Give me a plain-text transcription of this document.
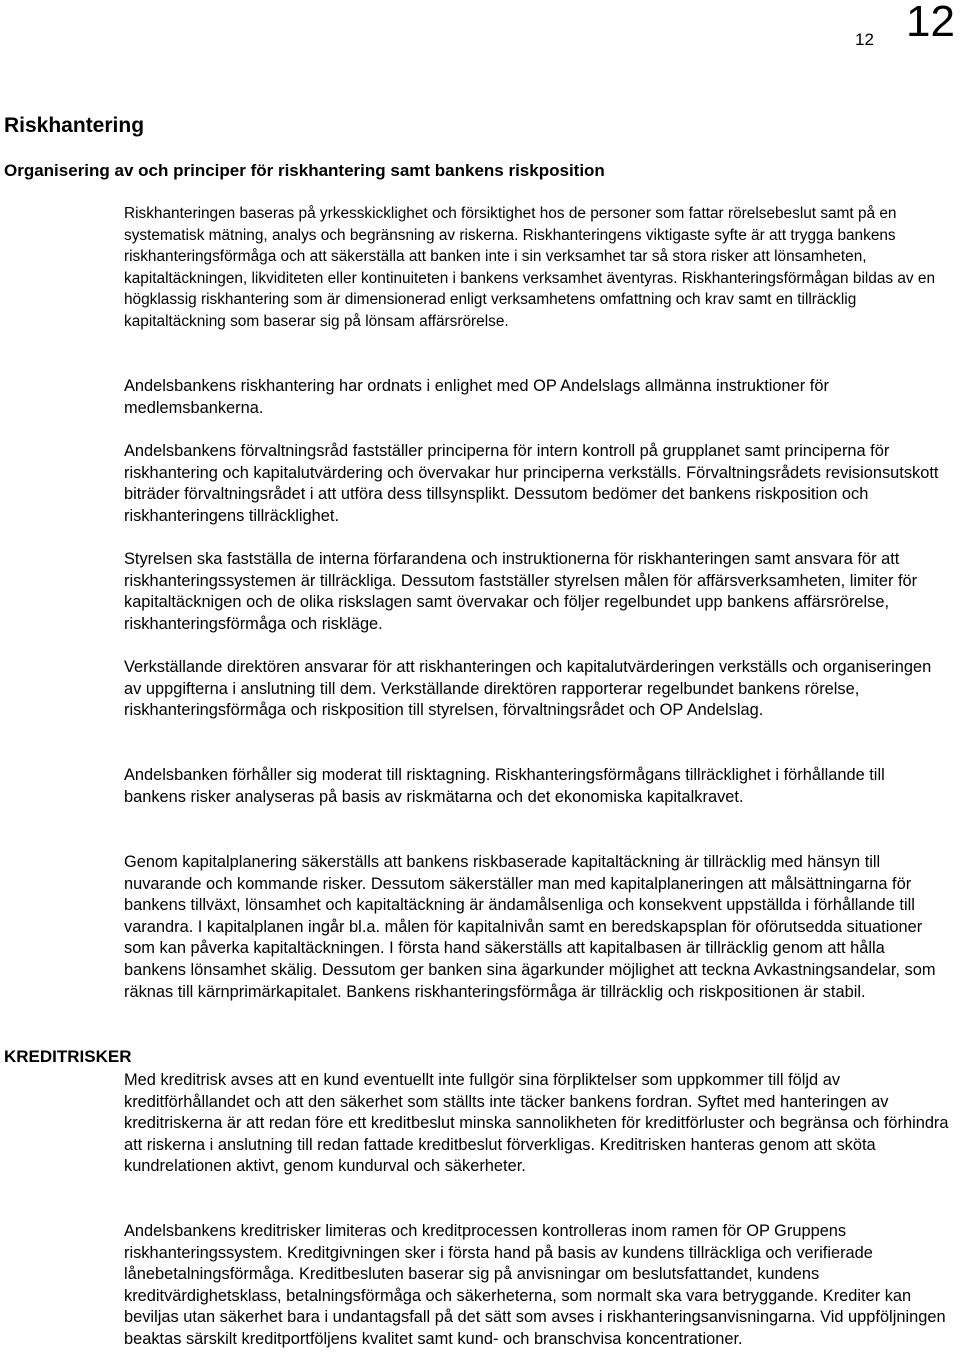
12 12
Riskhantering
Organisering av och principer för riskhantering samt bankens riskposition

Riskhanteringen baseras på yrkesskicklighet och försiktighet hos de personer som fattar rörelsebeslut samt på en systematisk mätning, analys och begränsning av riskerna. Riskhanteringens viktigaste syfte är att trygga bankens riskhanteringsförmåga och att säkerställa att banken inte i sin verksamhet tar så stora risker att lönsamheten, kapitaltäckningen, likviditeten eller kontinuiteten i bankens verksamhet äventyras. Riskhanteringsförmågan bildas av en högklassig riskhantering som är dimensionerad enligt verksamhetens omfattning och krav samt en tillräcklig kapitaltäckning som baserar sig på lönsam affärsrörelse.

Andelsbankens riskhantering har ordnats i enlighet med OP Andelslags allmänna instruktioner för medlemsbankerna.

Andelsbankens förvaltningsråd fastställer principerna för intern kontroll på grupplanet samt principerna för riskhantering och kapitalutvärdering och övervakar hur principerna verkställs. Förvaltningsrådets revisionsutskott biträder förvaltningsrådet i att utföra dess tillsynsplikt. Dessutom bedömer det bankens riskposition och riskhanteringens tillräcklighet.

Styrelsen ska fastställa de interna förfarandena och instruktionerna för riskhanteringen samt ansvara för att riskhanteringssystemen är tillräckliga. Dessutom fastställer styrelsen målen för affärsverksamheten, limiter för kapitaltäcknigen och de olika riskslagen samt övervakar och följer regelbundet upp bankens affärsrörelse, riskhanteringsförmåga och riskläge.

Verkställande direktören ansvarar för att riskhanteringen och kapitalutvärderingen verkställs och organiseringen av uppgifterna i anslutning till dem. Verkställande direktören rapporterar regelbundet bankens rörelse, riskhanteringsförmåga och riskposition till styrelsen, förvaltningsrådet och OP Andelslag.

Andelsbanken förhåller sig moderat till risktagning. Riskhanteringsförmågans tillräcklighet i förhållande till bankens risker analyseras på basis av riskmätarna och det ekonomiska kapitalkravet.

Genom kapitalplanering säkerställs att bankens riskbaserade kapitaltäckning är tillräcklig med hänsyn till nuvarande och kommande risker. Dessutom säkerställer man med kapitalplaneringen att målsättningarna för bankens tillväxt, lönsamhet och kapitaltäckning är ändamålsenliga och konsekvent uppställda i förhållande till varandra. I kapitalplanen ingår bl.a. målen för kapitalnivån samt en beredskapsplan för oförutsedda situationer som kan påverka kapitaltäckningen. I första hand säkerställs att kapitalbasen är tillräcklig genom att hålla bankens lönsamhet skälig. Dessutom ger banken sina ägarkunder möjlighet att teckna Avkastningsandelar, som räknas till kärnprimärkapitalet. Bankens riskhanteringsförmåga är tillräcklig och riskpositionen är stabil.

KREDITRISKER

Med kreditrisk avses att en kund eventuellt inte fullgör sina förpliktelser som uppkommer till följd av kreditförhållandet och att den säkerhet som ställts inte täcker bankens fordran. Syftet med hanteringen av kreditriskerna är att redan före ett kreditbeslut minska sannolikheten för kreditförluster och begränsa och förhindra att riskerna i anslutning till redan fattade kreditbeslut förverkligas. Kreditrisken hanteras genom att sköta kundrelationen aktivt, genom kundurval och säkerheter.

Andelsbankens kreditrisker limiteras och kreditprocessen kontrolleras inom ramen för OP Gruppens riskhanteringssystem. Kreditgivningen sker i första hand på basis av kundens tillräckliga och verifierade lånebetalningsförmåga. Kreditbesluten baserar sig på anvisningar om beslutsfattandet, kundens kreditvärdighetsklass, betalningsförmåga och säkerheterna, som normalt ska vara betryggande. Krediter kan beviljas utan säkerhet bara i undantagsfall på det sätt som avses i riskhanteringsanvisningarna. Vid uppföljningen beaktas särskilt kreditportföljens kvalitet samt kund- och branschvisa koncentrationer.
